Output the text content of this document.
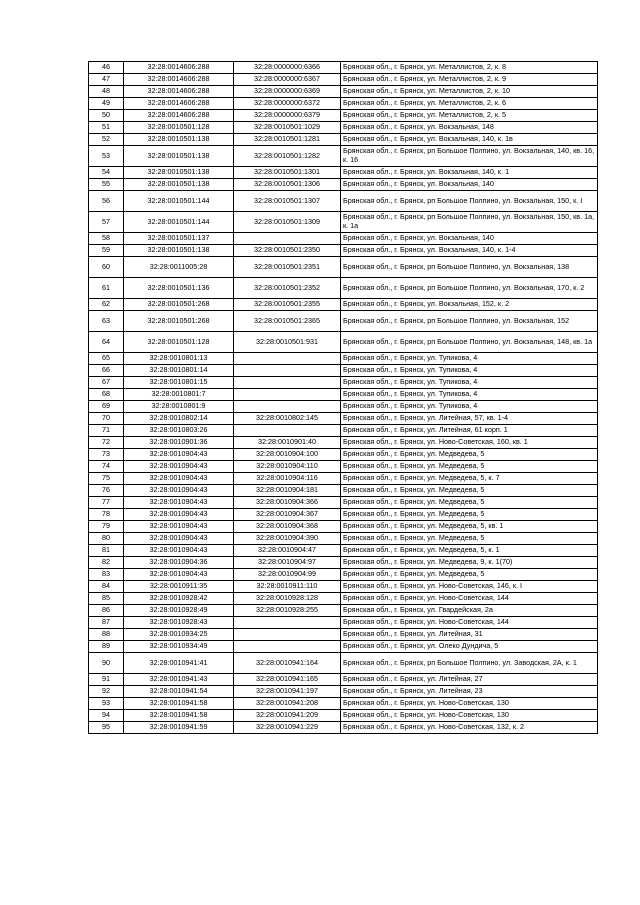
46	32:28:0014606:288	32:28:0000000:6366	Брянская обл., г. Брянск, ул. Металлистов, 2, к. 8
47	32:28:0014606:288	32:28:0000000:6367	Брянская обл., г. Брянск, ул. Металлистов, 2, к. 9
48	32:28:0014606:288	32:28:0000000:6369	Брянская обл., г. Брянск, ул. Металлистов, 2, к. 10
49	32:28:0014606:288	32:28:0000000:6372	Брянская обл., г. Брянск, ул. Металлистов, 2, к. 6
50	32:28:0014606:288	32:28:0000000:6379	Брянская обл., г. Брянск, ул. Металлистов, 2, к. 5
51	32:28:0010501:128	32:28:0010501:1029	Брянская обл., г. Брянск, ул. Вокзальная, 148
52	32:28:0010501:138	32:28:0010501:1281	Брянская обл., г. Брянск, ул. Вокзальная, 140, к. 1в
53	32:28:0010501:138	32:28:0010501:1282	Брянская обл., г. Брянск, рп Большое Полпино, ул. Вокзальная, 140, кв. 16, к. 16
54	32:28:0010501:138	32:28:0010501:1301	Брянская обл., г. Брянск, ул. Вокзальная, 140, к. 1
55	32:28:0010501:138	32:28:0010501:1306	Брянская обл., г. Брянск, ул. Вокзальная, 140
56	32:28:0010501:144	32:28:0010501:1307	Брянская обл., г. Брянск, рп Большое Полпино, ул. Вокзальная, 150, к. I
57	32:28:0010501:144	32:28:0010501:1309	Брянская обл., г. Брянск, рп Большое Полпино, ул. Вокзальная, 150, кв. 1а, к. 1а
58	32:28:0010501:137		Брянская обл., г. Брянск, ул. Вокзальная, 140
59	32:28:0010501:138	32:28:0010501:2350	Брянская обл., г. Брянск, ул. Вокзальная, 140, к. 1-4
60	32:28:0011005:28	32:28:0010501:2351	Брянская обл., г. Брянск, рп Большое Полпино, ул. Вокзальная, 138
61	32:28:0010501:136	32:28:0010501:2352	Брянская обл., г. Брянск, рп Большое Полпино, ул. Вокзальная, 170, к. 2
62	32:28:0010501:268	32:28:0010501:2355	Брянская обл., г. Брянск, ул. Вокзальная, 152, к. 2
63	32:28:0010501:268	32:28:0010501:2365	Брянская обл., г. Брянск, рп Большое Полпино, ул. Вокзальная, 152
64	32:28:0010501:128	32:28:0010501:931	Брянская обл., г. Брянск, рп Большое Полпино, ул. Вокзальная, 148, кв. 1а
65	32:28:0010801:13		Брянская обл., г. Брянск, ул. Тупикова, 4
66	32:28:0010801:14		Брянская обл., г. Брянск, ул. Тупикова, 4
67	32:28:0010801:15		Брянская обл., г. Брянск, ул. Тупикова, 4
68	32:28:0010801:7		Брянская обл., г. Брянск, ул. Тупикова, 4
69	32:28:0010801:9		Брянская обл., г. Брянск, ул. Тупикова, 4
70	32:28:0010802:14	32:28:0010802:145	Брянская обл., г. Брянск, ул. Литейная, 57, кв. 1-4
71	32:28:0010803:26		Брянская обл., г. Брянск, ул. Литейная, 61 корп. 1
72	32:28:0010901:36	32:28:0010901:40	Брянская обл., г. Брянск, ул. Ново-Советская, 160, кв. 1
73	32:28:0010904:43	32:28:0010904:100	Брянская обл., г. Брянск, ул. Медведева, 5
74	32:28:0010904:43	32:28:0010904:110	Брянская обл., г. Брянск, ул. Медведева, 5
75	32:28:0010904:43	32:28:0010904:116	Брянская обл., г. Брянск, ул. Медведева, 5, к. 7
76	32:28:0010904:43	32:28:0010904:181	Брянская обл., г. Брянск, ул. Медведева, 5
77	32:28:0010904:43	32:28:0010904:366	Брянская обл., г. Брянск, ул. Медведева, 5
78	32:28:0010904:43	32:28:0010904:367	Брянская обл., г. Брянск, ул. Медведева, 5
79	32:28:0010904:43	32:28:0010904:368	Брянская обл., г. Брянск, ул. Медведева, 5, кв. 1
80	32:28:0010904:43	32:28:0010904:390	Брянская обл., г. Брянск, ул. Медведева, 5
81	32:28:0010904:43	32:28:0010904:47	Брянская обл., г. Брянск, ул. Медведева, 5, к. 1
82	32:28:0010904:36	32:28:0010904:97	Брянская обл., г. Брянск, ул. Медведева, 9, к. 1(70)
83	32:28:0010904:43	32:28:0010904:99	Брянская обл., г. Брянск, ул. Медведева, 5
84	32:28:0010911:35	32:28:0010911:110	Брянская обл., г. Брянск, ул. Ново-Советская, 146, к. I
85	32:28:0010928:42	32:28:0010928:128	Брянская обл., г. Брянск, ул. Ново-Советская, 144
86	32:28:0010928:49	32:28:0010928:255	Брянская обл., г. Брянск, ул. Гвардейская, 2а
87	32:28:0010928:43		Брянская обл., г. Брянск, ул. Ново-Советская, 144
88	32:28:0010934:25		Брянская обл., г. Брянск, ул. Литейная, 31
89	32:28:0010934:49		Брянская обл., г. Брянск, ул. Олеко Дундича, 5
90	32:28:0010941:41	32:28:0010941:164	Брянская обл., г. Брянск, рп Большое Полпино, ул. Заводская, 2А, к. 1
91	32:28:0010941:43	32:28:0010941:165	Брянская обл., г. Брянск, ул. Литейная, 27
92	32:28:0010941:54	32:28:0010941:197	Брянская обл., г. Брянск, ул. Литейная, 23
93	32:28:0010941:58	32:28:0010941:208	Брянская обл., г. Брянск, ул. Ново-Советская, 130
94	32:28:0010941:58	32:28:0010941:209	Брянская обл., г. Брянск, ул. Ново-Советская, 130
95	32:28:0010941:59	32:28:0010941:229	Брянская обл., г. Брянск, ул. Ново-Советская, 132, к. 2
